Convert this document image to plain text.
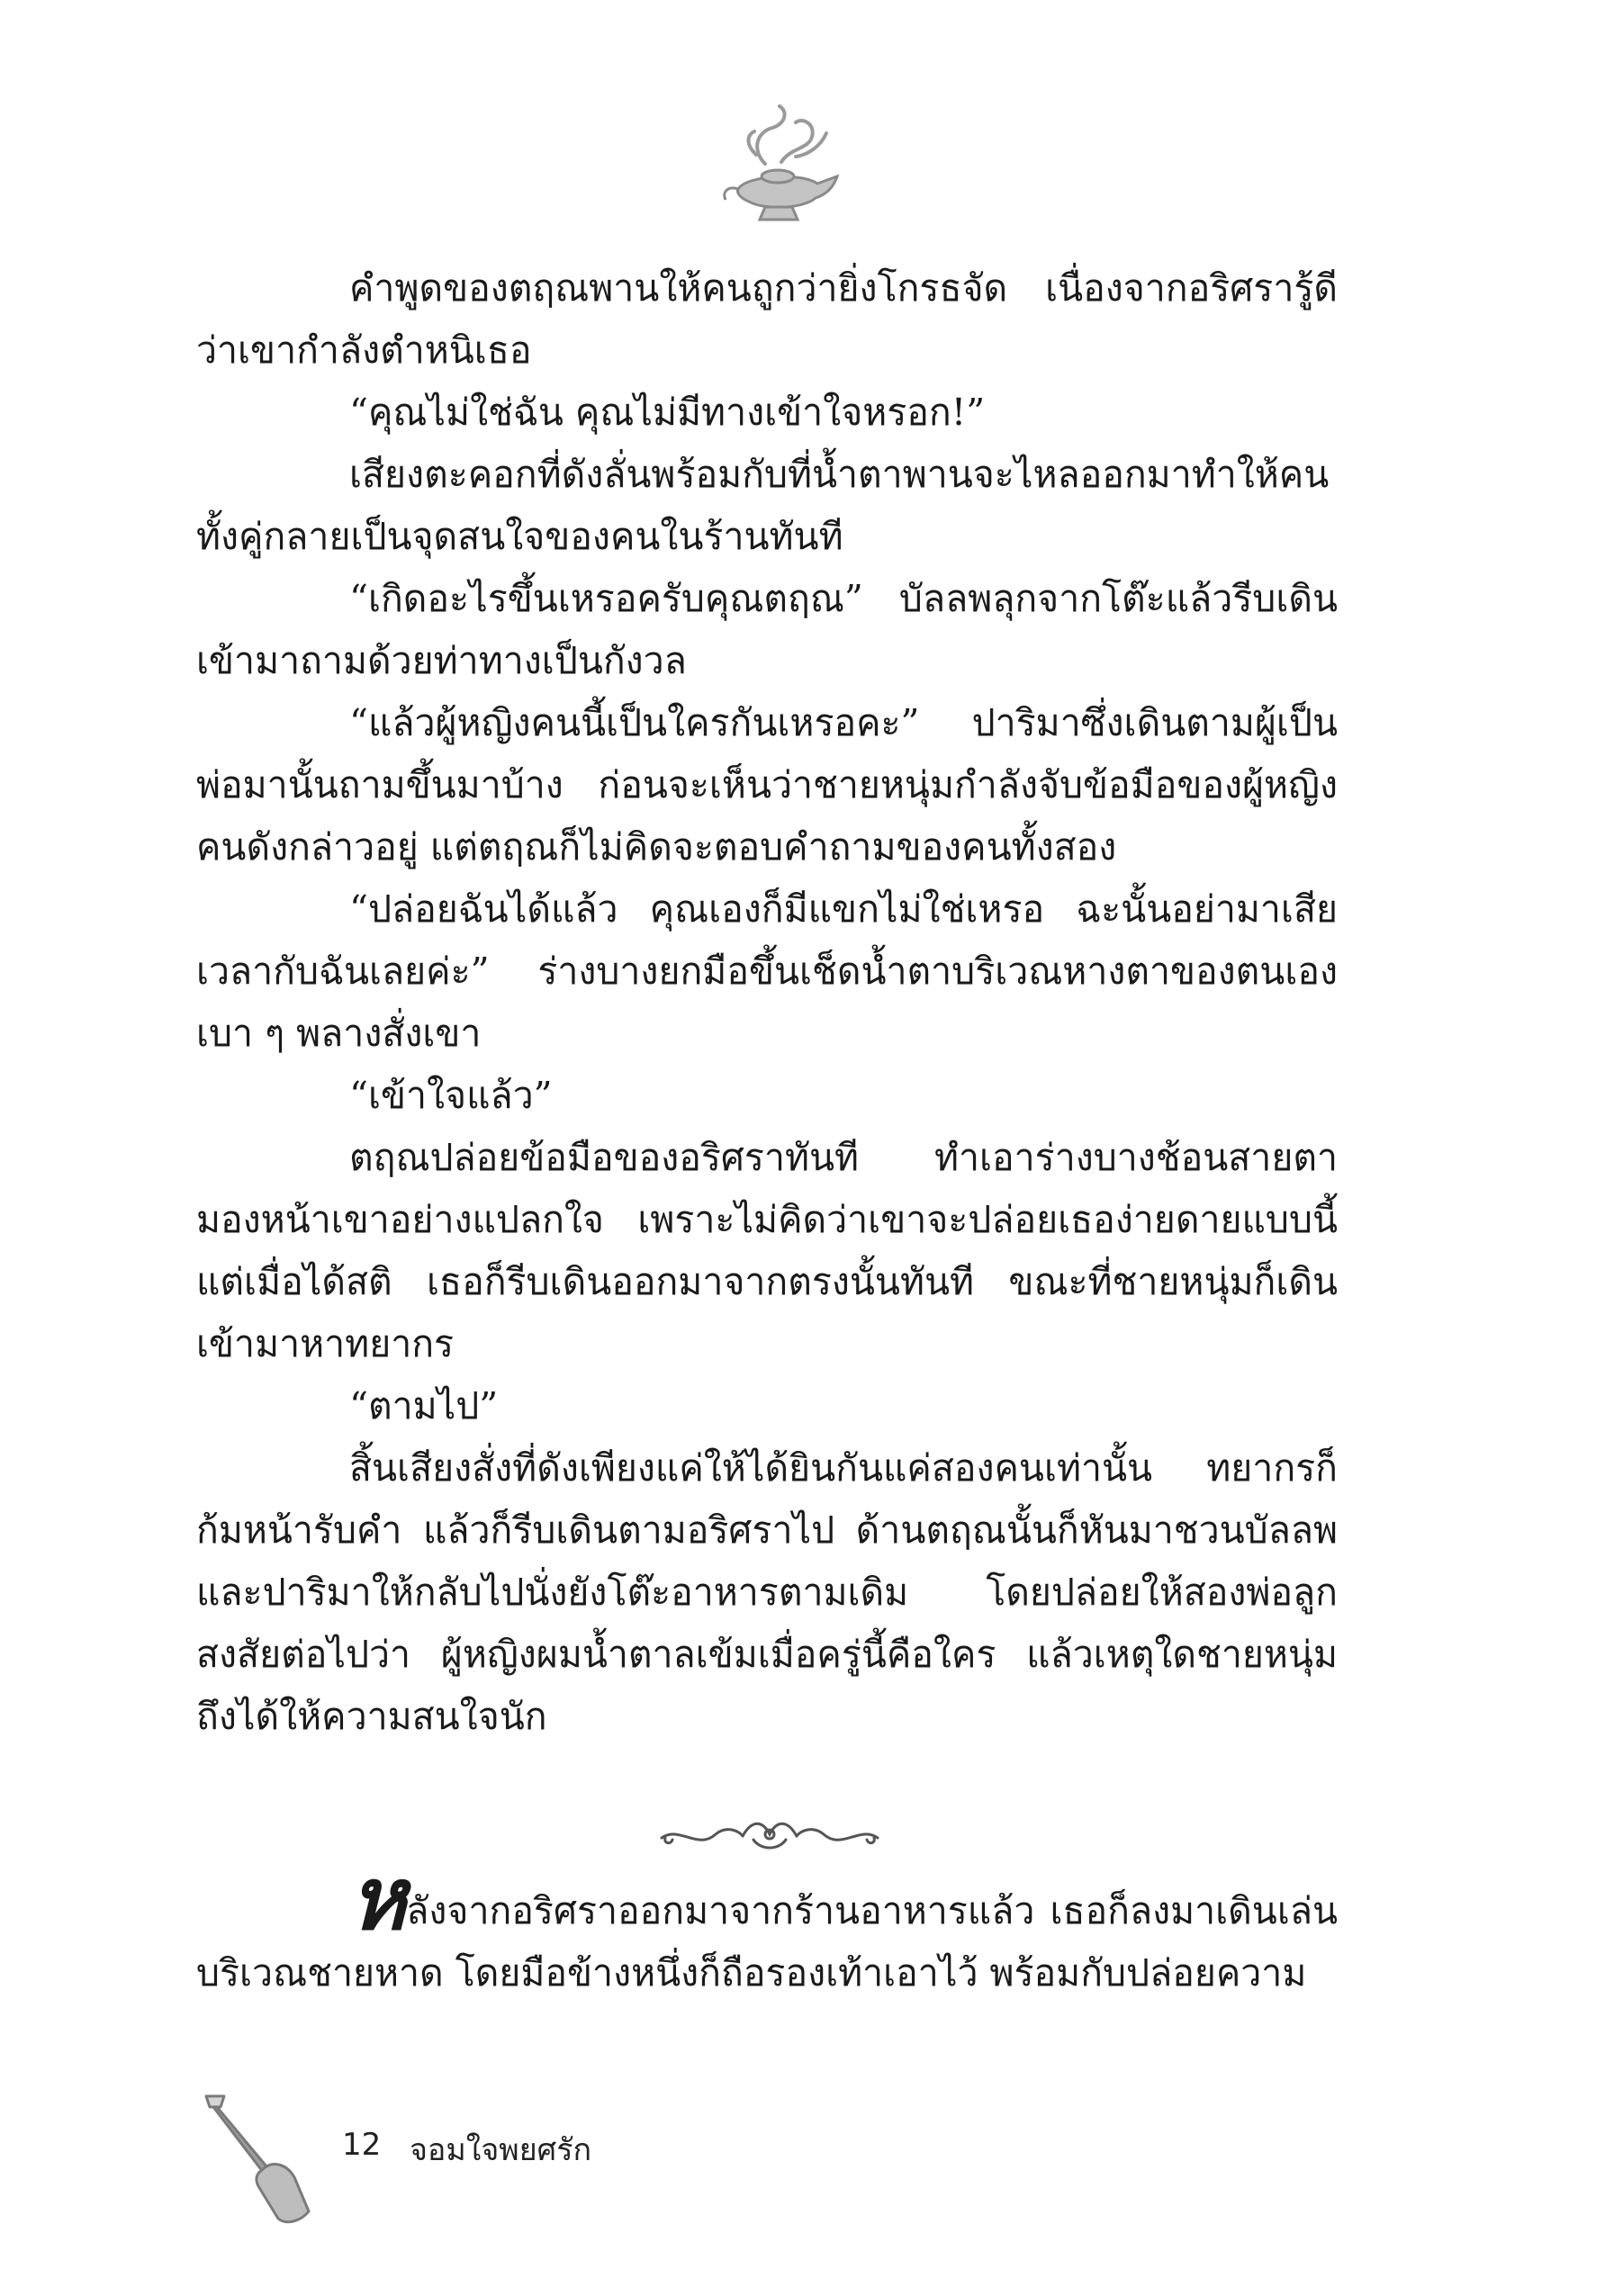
คำพูดของตฤณพานให้คนถูกว่ายิ่งโกรธจัด เนื่องจากอริศรารู้ดีว่าเขากำลังตำหนิเธอ

“คุณไม่ใช่ฉัน คุณไม่มีทางเข้าใจหรอก!”

เสียงตะคอกที่ดังลั่นพร้อมกับที่น้ำตาพานจะไหลออกมาทำให้คนทั้งคู่กลายเป็นจุดสนใจของคนในร้านทันที

“เกิดอะไรขึ้นเหรอครับคุณตฤณ” บัลลพลุกจากโต๊ะแล้วรีบเดินเข้ามาถามด้วยท่าทางเป็นกังวล

“แล้วผู้หญิงคนนี้เป็นใครกันเหรอคะ” ปาริมาซึ่งเดินตามผู้เป็นพ่อมานั้นถามขึ้นมาบ้าง ก่อนจะเห็นว่าชายหนุ่มกำลังจับข้อมือของผู้หญิงคนดังกล่าวอยู่ แต่ตฤณก็ไม่คิดจะตอบคำถามของคนทั้งสอง

“ปล่อยฉันได้แล้ว คุณเองก็มีแขกไม่ใช่เหรอ ฉะนั้นอย่ามาเสียเวลากับฉันเลยค่ะ” ร่างบางยกมือขึ้นเช็ดน้ำตาบริเวณหางตาของตนเองเบา ๆ พลางสั่งเขา

“เข้าใจแล้ว”

ตฤณปล่อยข้อมือของอริศราทันที ทำเอาร่างบางช้อนสายตามองหน้าเขาอย่างแปลกใจ เพราะไม่คิดว่าเขาจะปล่อยเธอง่ายดายแบบนี้ แต่เมื่อได้สติ เธอก็รีบเดินออกมาจากตรงนั้นทันที ขณะที่ชายหนุ่มก็เดินเข้ามาหาทยากร

“ตามไป”

สิ้นเสียงสั่งที่ดังเพียงแค่ให้ได้ยินกันแค่สองคนเท่านั้น ทยากรก็ก้มหน้ารับคำ แล้วก็รีบเดินตามอริศราไป ด้านตฤณนั้นก็หันมาชวนบัลลพและปาริมาให้กลับไปนั่งยังโต๊ะอาหารตามเดิม โดยปล่อยให้สองพ่อลูกสงสัยต่อไปว่า ผู้หญิงผมน้ำตาลเข้มเมื่อครู่นี้คือใคร แล้วเหตุใดชายหนุ่มถึงได้ให้ความสนใจนัก

หลังจากอริศราออกมาจากร้านอาหารแล้ว เธอก็ลงมาเดินเล่นบริเวณชายหาด โดยมือข้างหนึ่งก็ถือรองเท้าเอาไว้ พร้อมกับปล่อยความ

12 จอมใจพยศรัก
